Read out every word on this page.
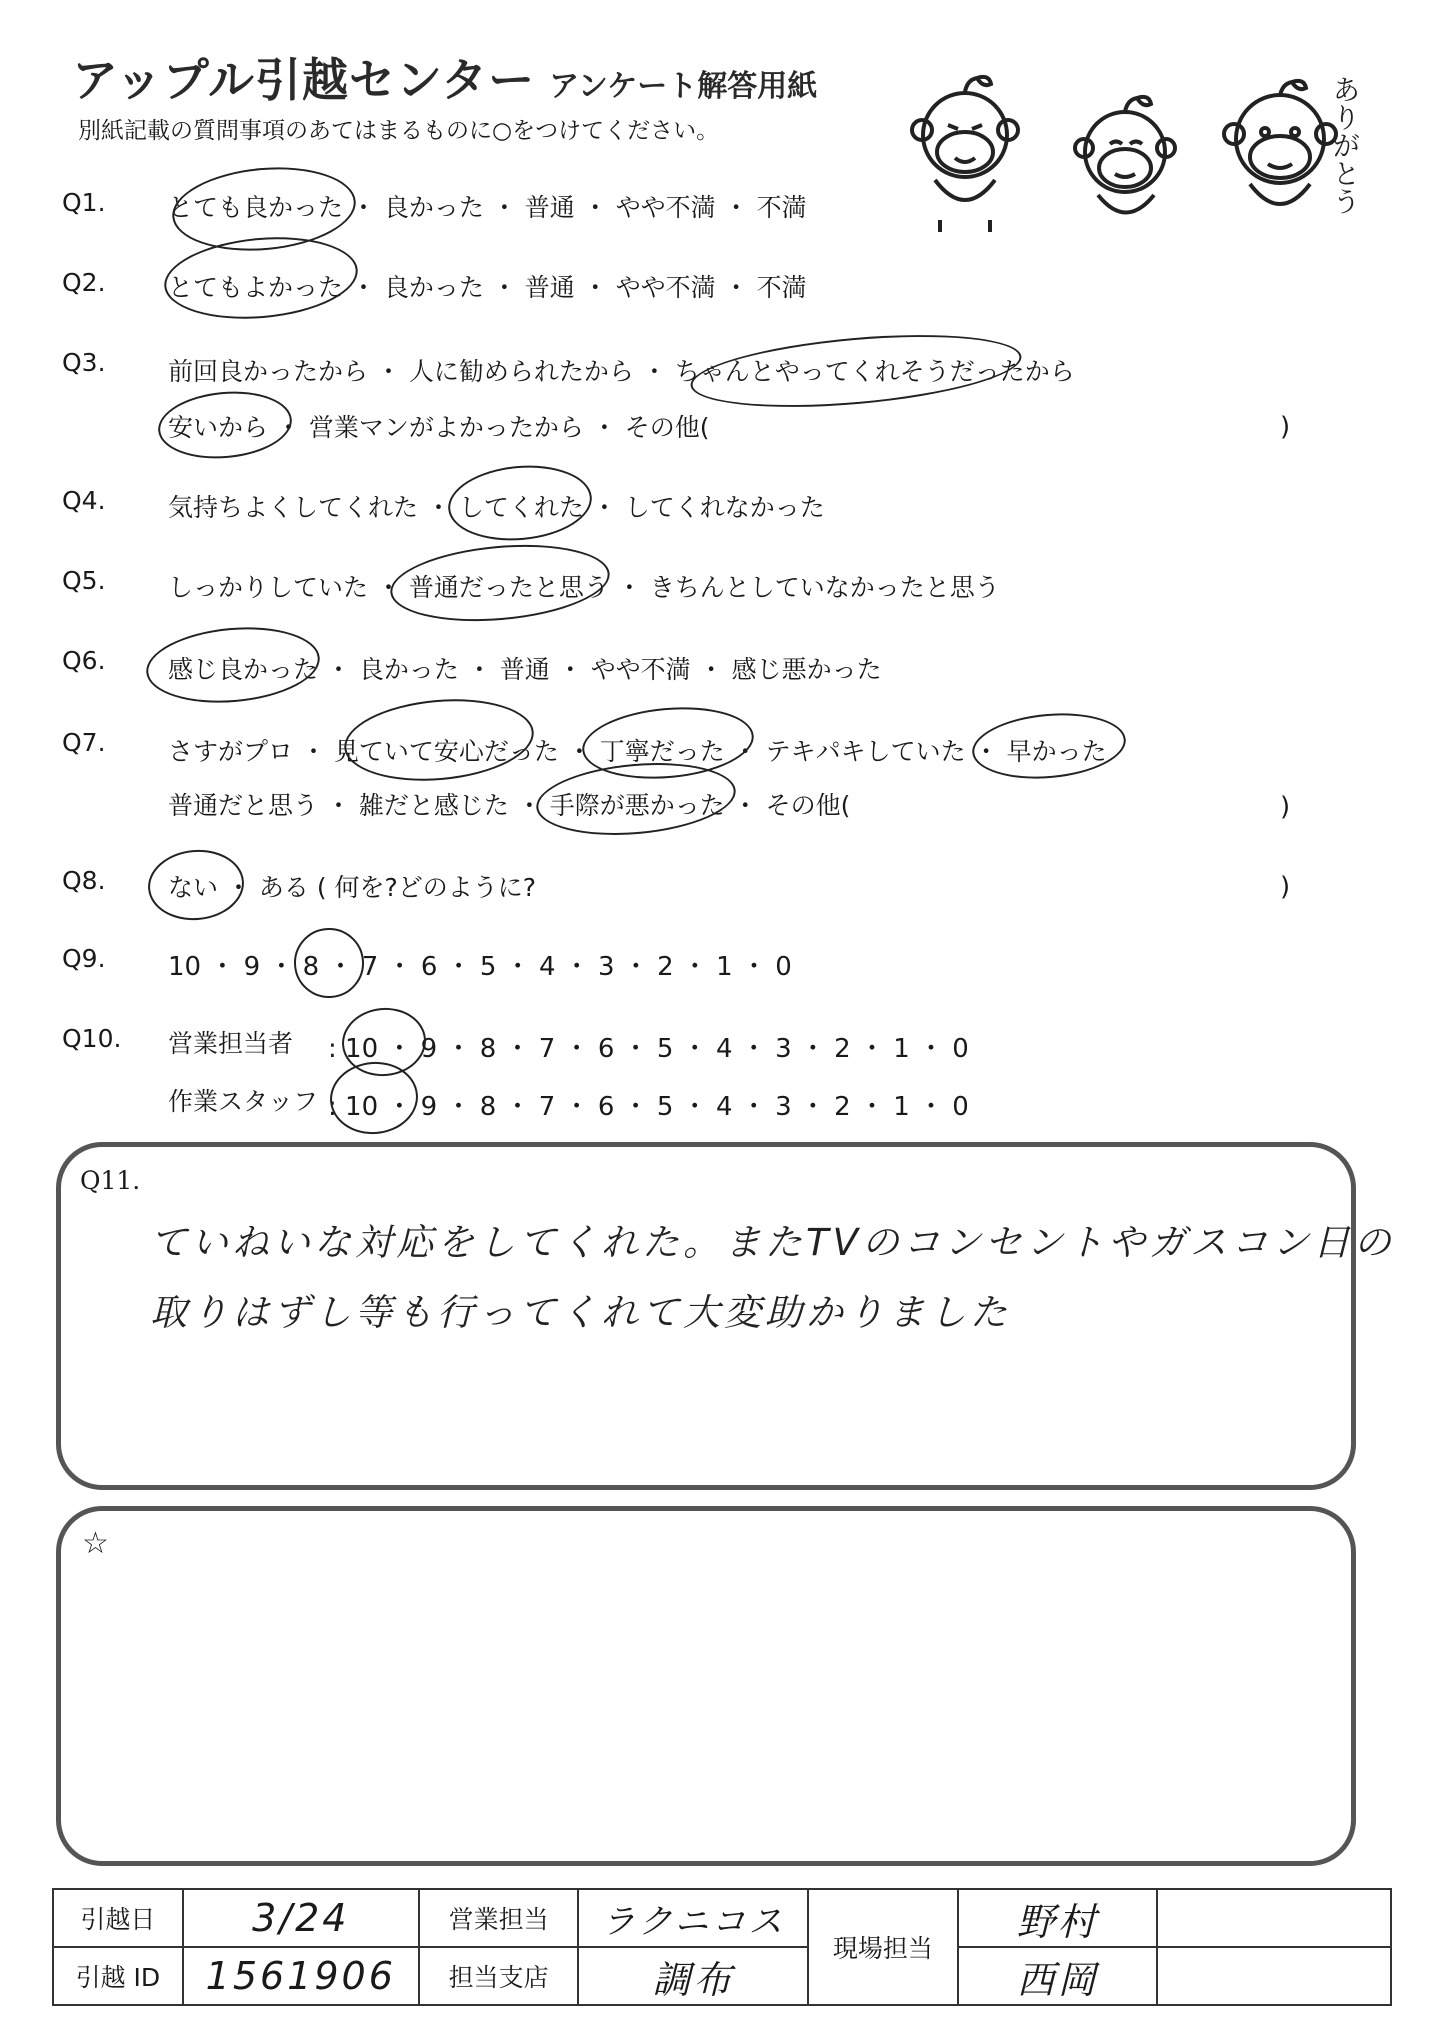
アップル引越センター アンケート解答用紙
別紙記載の質問事項のあてはまるものに○をつけてください。	ありがとう
Q1. とても良かった ・ 良かった ・ 普通 ・ やや不満 ・ 不満
Q2. とてもよかった ・ 良かった ・ 普通 ・ やや不満 ・ 不満
Q3. 前回良かったから ・ 人に勧められたから ・ ちゃんとやってくれそうだったから
安いから ・ 営業マンがよかったから ・ その他(	)
Q4. 気持ちよくしてくれた ・ してくれた ・ してくれなかった
Q5. しっかりしていた ・ 普通だったと思う ・ きちんとしていなかったと思う
Q6. 感じ良かった ・ 良かった ・ 普通 ・ やや不満 ・ 感じ悪かった
Q7. さすがプロ ・ 見ていて安心だった ・ 丁寧だった ・ テキパキしていた ・ 早かった
普通だと思う ・ 雑だと感じた ・ 手際が悪かった ・ その他(	)
Q8. ない ・ ある ( 何を?どのように?	)
Q9. 10 ・ 9 ・ 8 ・ 7 ・ 6 ・ 5 ・ 4 ・ 3 ・ 2 ・ 1 ・ 0
Q10. 営業担当者 : 10 ・ 9 ・ 8 ・ 7 ・ 6 ・ 5 ・ 4 ・ 3 ・ 2 ・ 1 ・ 0
作業スタッフ : 10 ・ 9 ・ 8 ・ 7 ・ 6 ・ 5 ・ 4 ・ 3 ・ 2 ・ 1 ・ 0
Q11.
ていねいな対応をしてくれた。またTVのコンセントやガスコン日の
取りはずし等も行ってくれて大変助かりました
☆
引越日	3/24	営業担当	ラクニコス	現場担当	野村	
引越 ID	1561906	担当支店	調布		西岡	
